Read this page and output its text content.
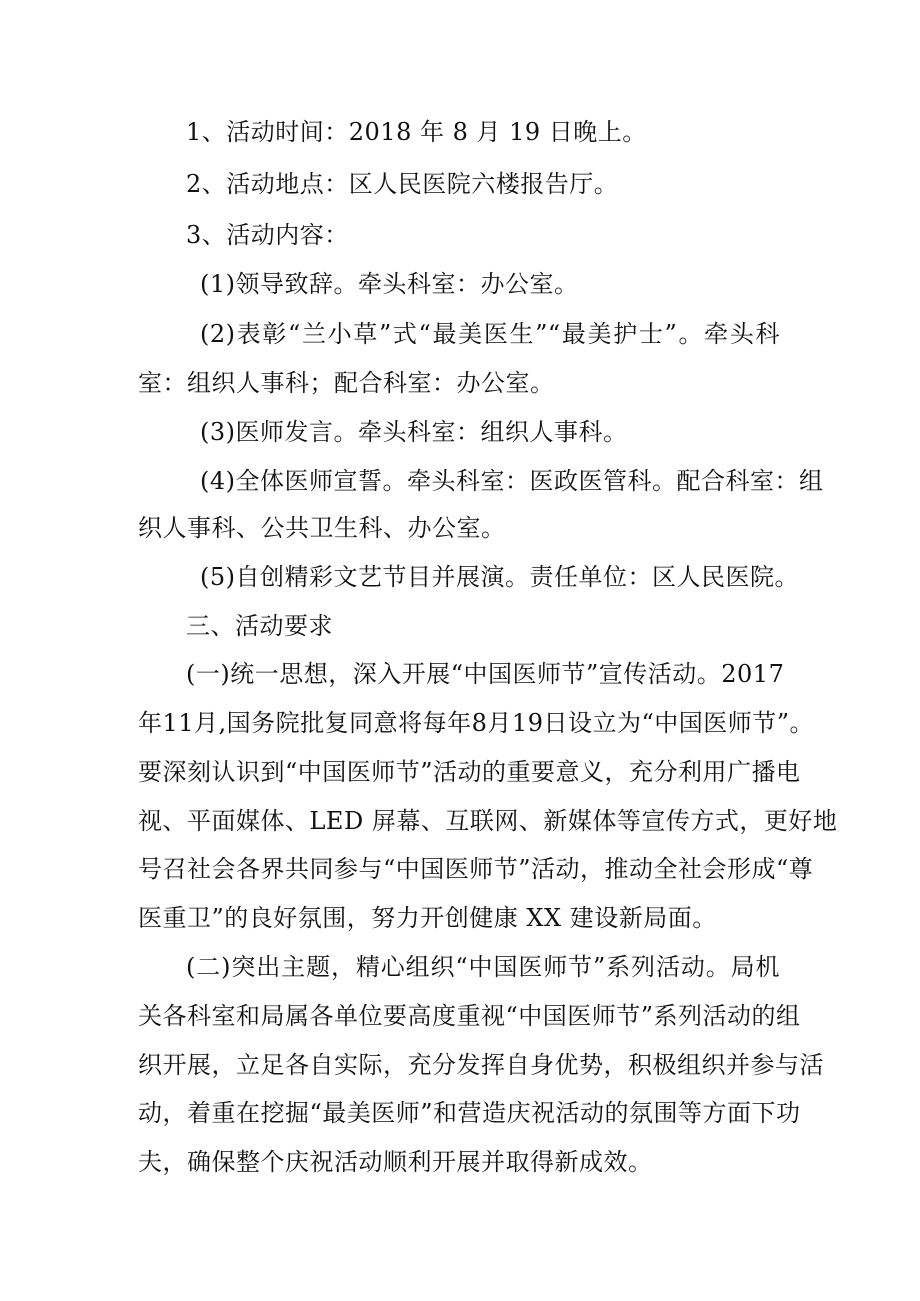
1、活动时间：2018 年 8 月 19 日晚上。
2、活动地点：区人民医院六楼报告厅。
3、活动内容：
(1)领导致辞。牵头科室：办公室。
(2)表彰“兰小草”式“最美医生”“最美护士”。牵头科
室：组织人事科；配合科室：办公室。
(3)医师发言。牵头科室：组织人事科。
(4)全体医师宣誓。牵头科室：医政医管科。配合科室：组
织人事科、公共卫生科、办公室。
(5)自创精彩文艺节目并展演。责任单位：区人民医院。
三、活动要求
(一)统一思想，深入开展“中国医师节”宣传活动。2017
年11月,国务院批复同意将每年8月19日设立为“中国医师节”。
要深刻认识到“中国医师节”活动的重要意义，充分利用广播电
视、平面媒体、LED 屏幕、互联网、新媒体等宣传方式，更好地
号召社会各界共同参与“中国医师节”活动，推动全社会形成“尊
医重卫”的良好氛围，努力开创健康 XX 建设新局面。
(二)突出主题，精心组织“中国医师节”系列活动。局机
关各科室和局属各单位要高度重视“中国医师节”系列活动的组
织开展，立足各自实际，充分发挥自身优势，积极组织并参与活
动，着重在挖掘“最美医师”和营造庆祝活动的氛围等方面下功
夫，确保整个庆祝活动顺利开展并取得新成效。
